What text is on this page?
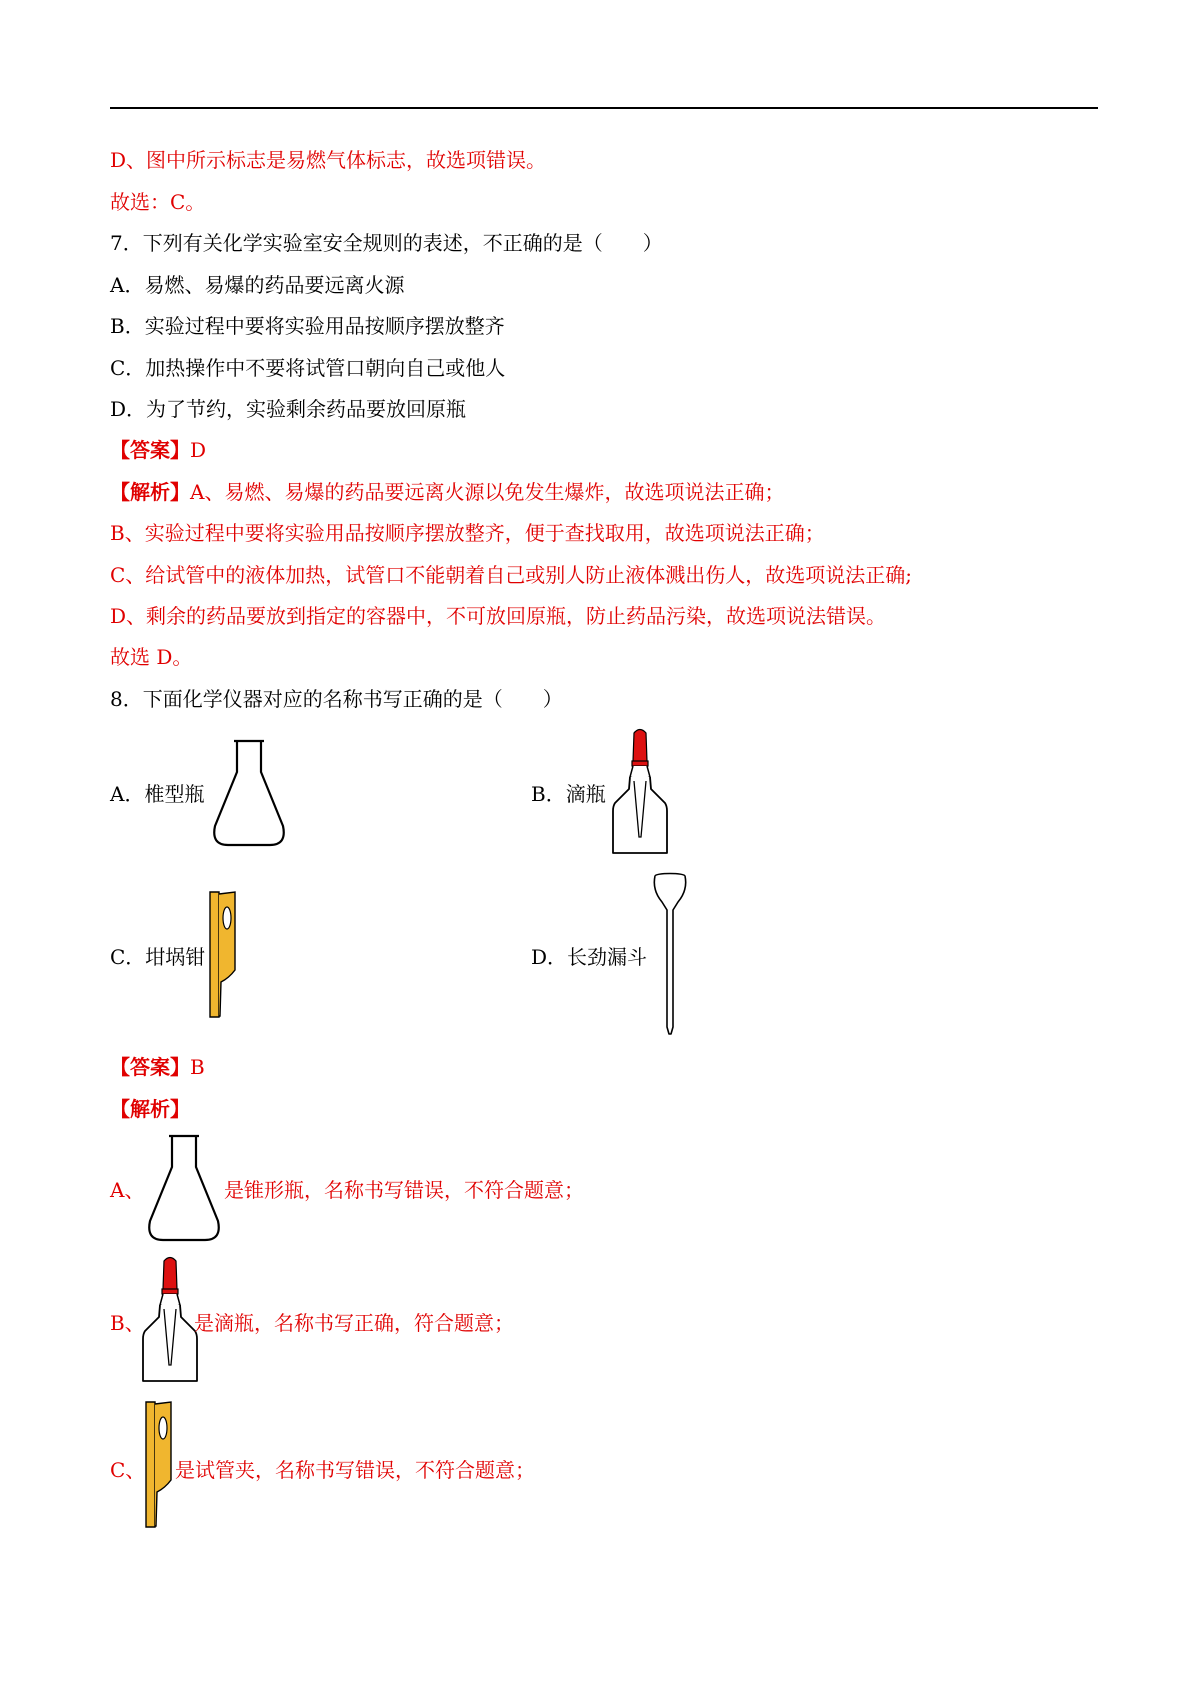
D、图中所示标志是易燃气体标志，故选项错误。
故选：C。
7．下列有关化学实验室安全规则的表述，不正确的是（　　）
A．易燃、易爆的药品要远离火源
B．实验过程中要将实验用品按顺序摆放整齐
C．加热操作中不要将试管口朝向自己或他人
D．为了节约，实验剩余药品要放回原瓶
【答案】D
【解析】A、易燃、易爆的药品要远离火源以免发生爆炸，故选项说法正确；
B、实验过程中要将实验用品按顺序摆放整齐，便于查找取用，故选项说法正确；
C、给试管中的液体加热，试管口不能朝着自己或别人防止液体溅出伤人，故选项说法正确;
D、剩余的药品要放到指定的容器中，不可放回原瓶，防止药品污染，故选项说法错误。
故选 D。
8．下面化学仪器对应的名称书写正确的是（　　）
A．椎型瓶	B．滴瓶
C．坩埚钳	D．长劲漏斗
【答案】B
【解析】
A、	是锥形瓶，名称书写错误，不符合题意；
B、 是滴瓶，名称书写正确，符合题意；
C、 是试管夹，名称书写错误，不符合题意；
